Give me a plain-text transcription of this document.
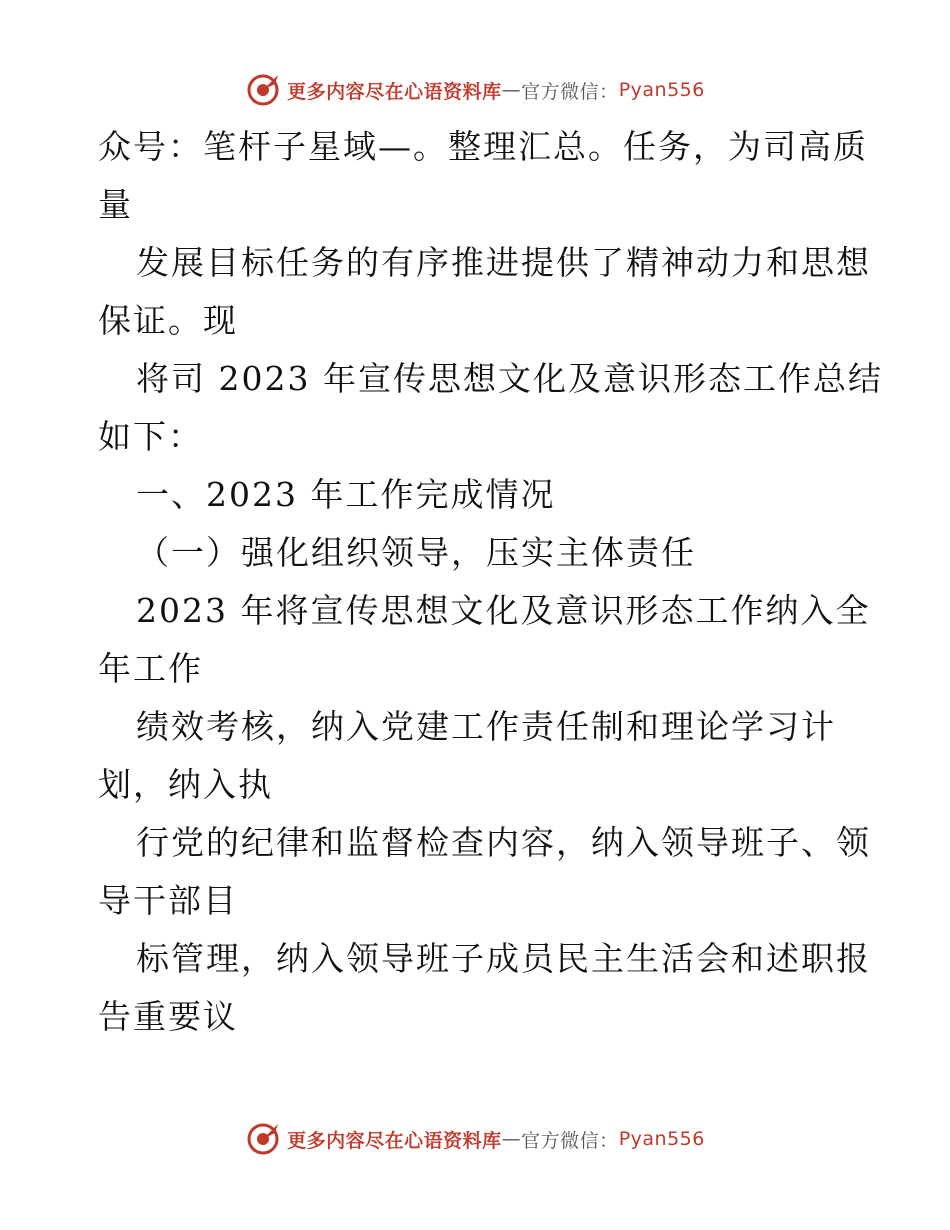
更多内容尽在心语资料库 — 官方微信： Pyan556
众号：笔杆子星域—。整理汇总。任务，为司高质
量
发展目标任务的有序推进提供了精神动力和思想
保证。现
将司 2023 年宣传思想文化及意识形态工作总结
如下：
一、2023 年工作完成情况
（一）强化组织领导，压实主体责任
2023 年将宣传思想文化及意识形态工作纳入全
年工作
绩效考核，纳入党建工作责任制和理论学习计
划，纳入执
行党的纪律和监督检查内容，纳入领导班子、领
导干部目
标管理，纳入领导班子成员民主生活会和述职报
告重要议
更多内容尽在心语资料库 — 官方微信： Pyan556
